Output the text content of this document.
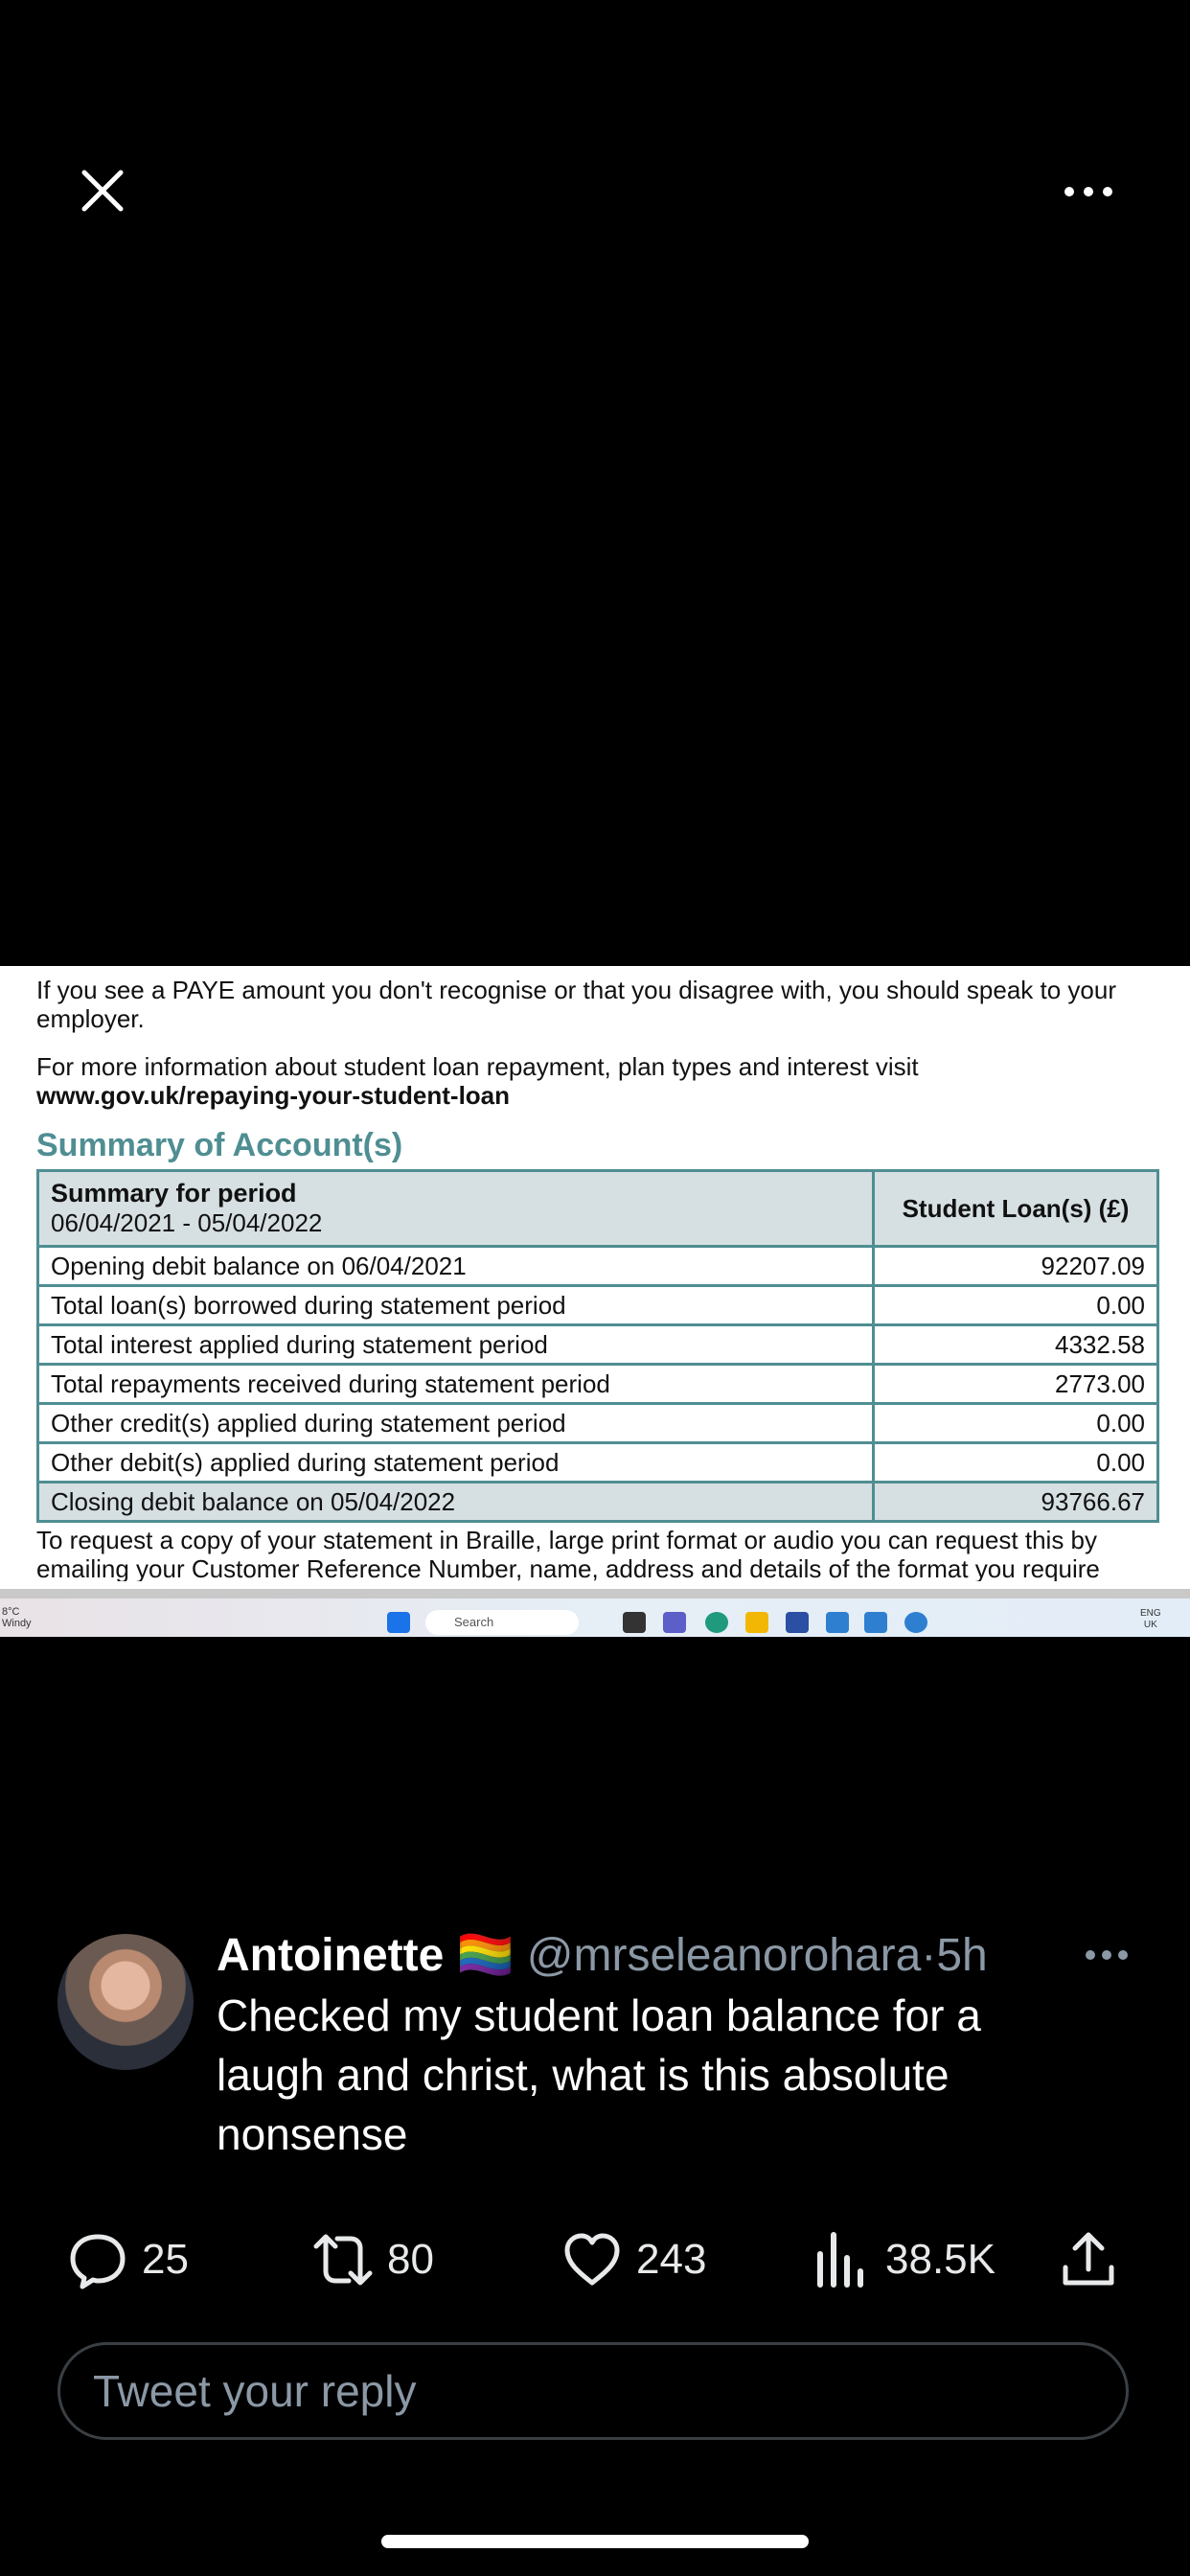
If you see a PAYE amount you don't recognise or that you disagree with, you should speak to your employer.
For more information about student loan repayment, plan types and interest visit
www.gov.uk/repaying-your-student-loan
Summary of Account(s)
Summary for period
06/04/2021 - 05/04/2022	Student Loan(s) (£)
Opening debit balance on 06/04/2021	92207.09
Total loan(s) borrowed during statement period	0.00
Total interest applied during statement period	4332.58
Total repayments received during statement period	2773.00
Other credit(s) applied during statement period	0.00
Other debit(s) applied during statement period	0.00
Closing debit balance on 05/04/2022	93766.67
To request a copy of your statement in Braille, large print format or audio you can request this by emailing your Customer Reference Number, name, address and details of the format you require
8°C
Windy	Search
ENG
UK
Antoinette 🏳️‍🌈 @mrseleanorohara·5h
Checked my student loan balance for a laugh and christ, what is this absolute nonsense
25	80	243	38.5K
Tweet your reply
